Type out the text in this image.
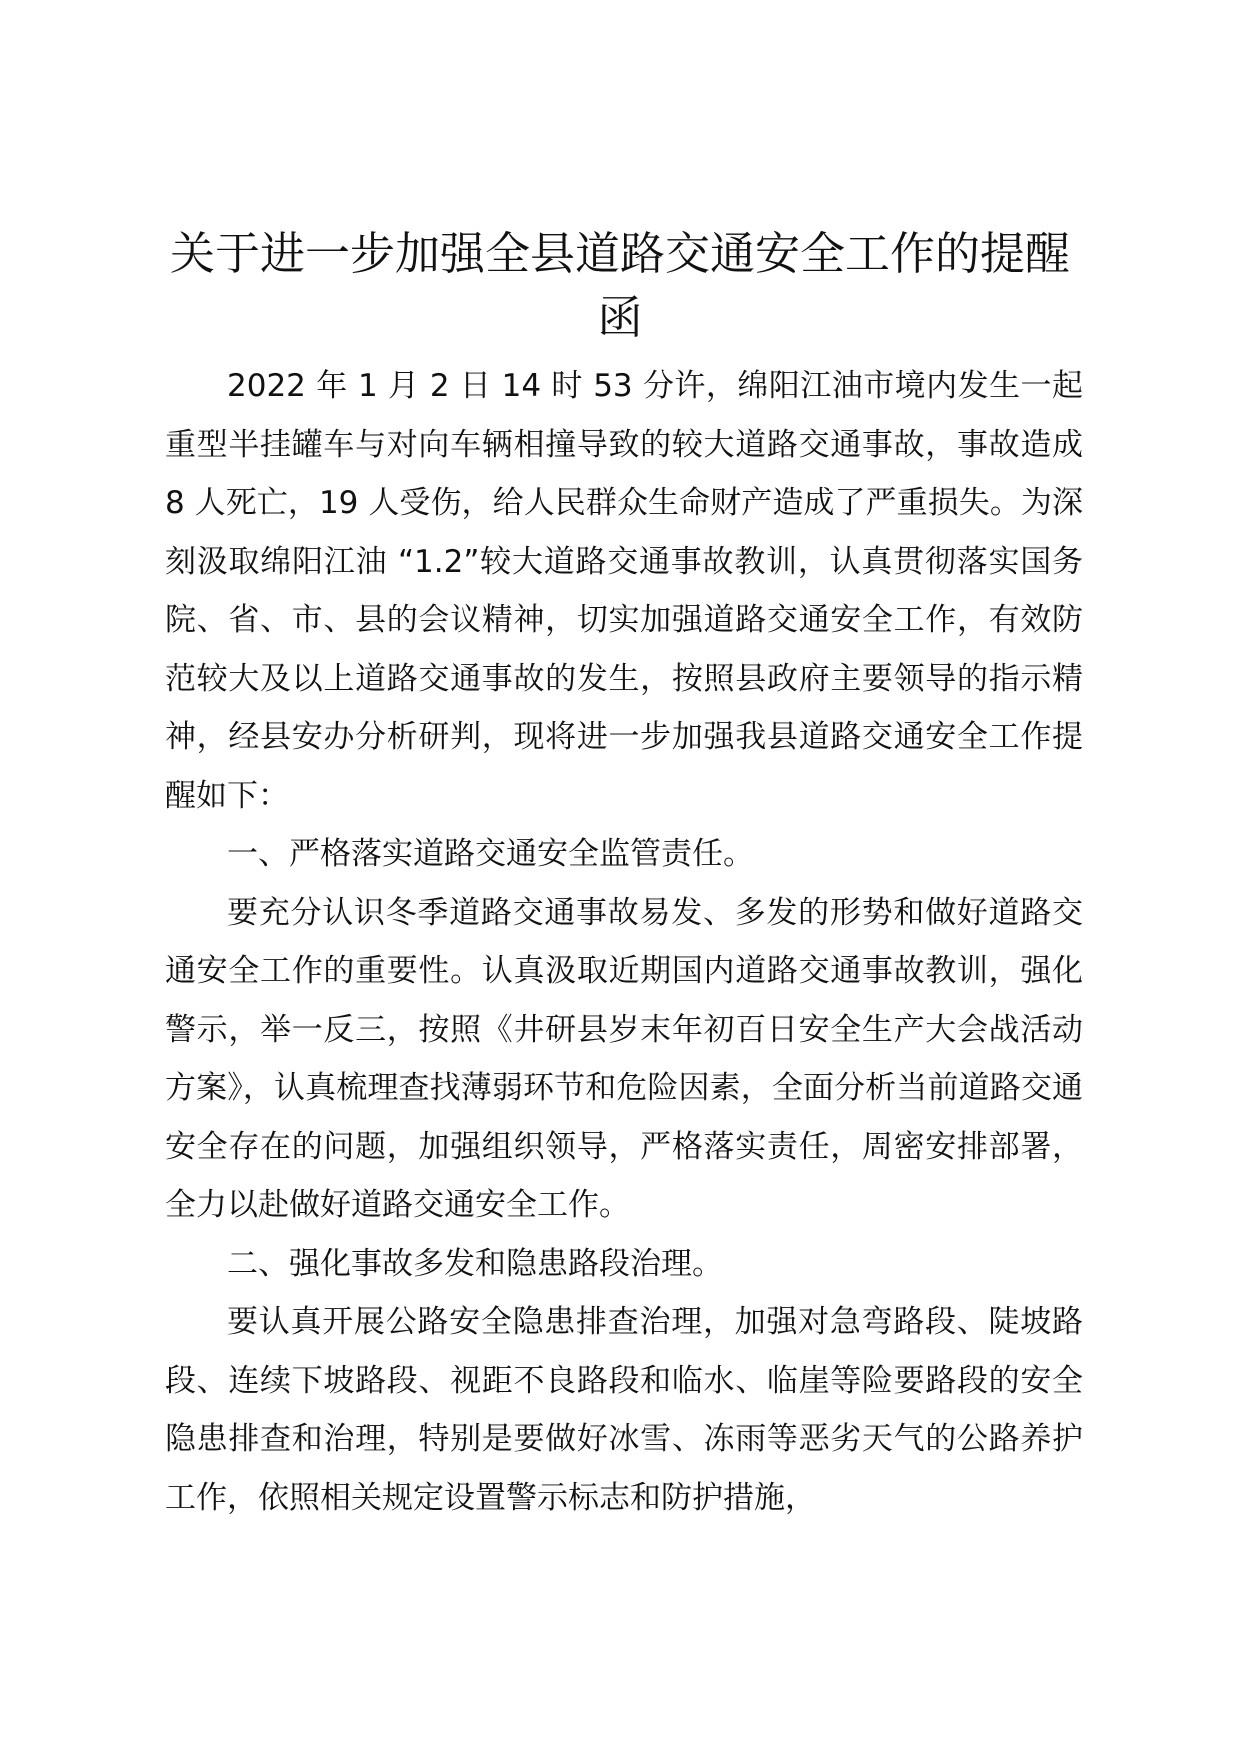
关于进一步加强全县道路交通安全工作的提醒函

2022 年 1 月 2 日 14 时 53 分许，绵阳江油市境内发生一起重型半挂罐车与对向车辆相撞导致的较大道路交通事故，事故造成 8 人死亡，19 人受伤，给人民群众生命财产造成了严重损失。为深刻汲取绵阳江油 “1.2”较大道路交通事故教训，认真贯彻落实国务院、省、市、县的会议精神，切实加强道路交通安全工作，有效防范较大及以上道路交通事故的发生，按照县政府主要领导的指示精神，经县安办分析研判，现将进一步加强我县道路交通安全工作提醒如下：

一、严格落实道路交通安全监管责任。

要充分认识冬季道路交通事故易发、多发的形势和做好道路交通安全工作的重要性。认真汲取近期国内道路交通事故教训，强化警示，举一反三，按照《井研县岁末年初百日安全生产大会战活动方案》，认真梳理查找薄弱环节和危险因素，全面分析当前道路交通安全存在的问题，加强组织领导，严格落实责任，周密安排部署，全力以赴做好道路交通安全工作。

二、强化事故多发和隐患路段治理。

要认真开展公路安全隐患排查治理，加强对急弯路段、陡坡路段、连续下坡路段、视距不良路段和临水、临崖等险要路段的安全隐患排查和治理，特别是要做好冰雪、冻雨等恶劣天气的公路养护工作，依照相关规定设置警示标志和防护措施，
